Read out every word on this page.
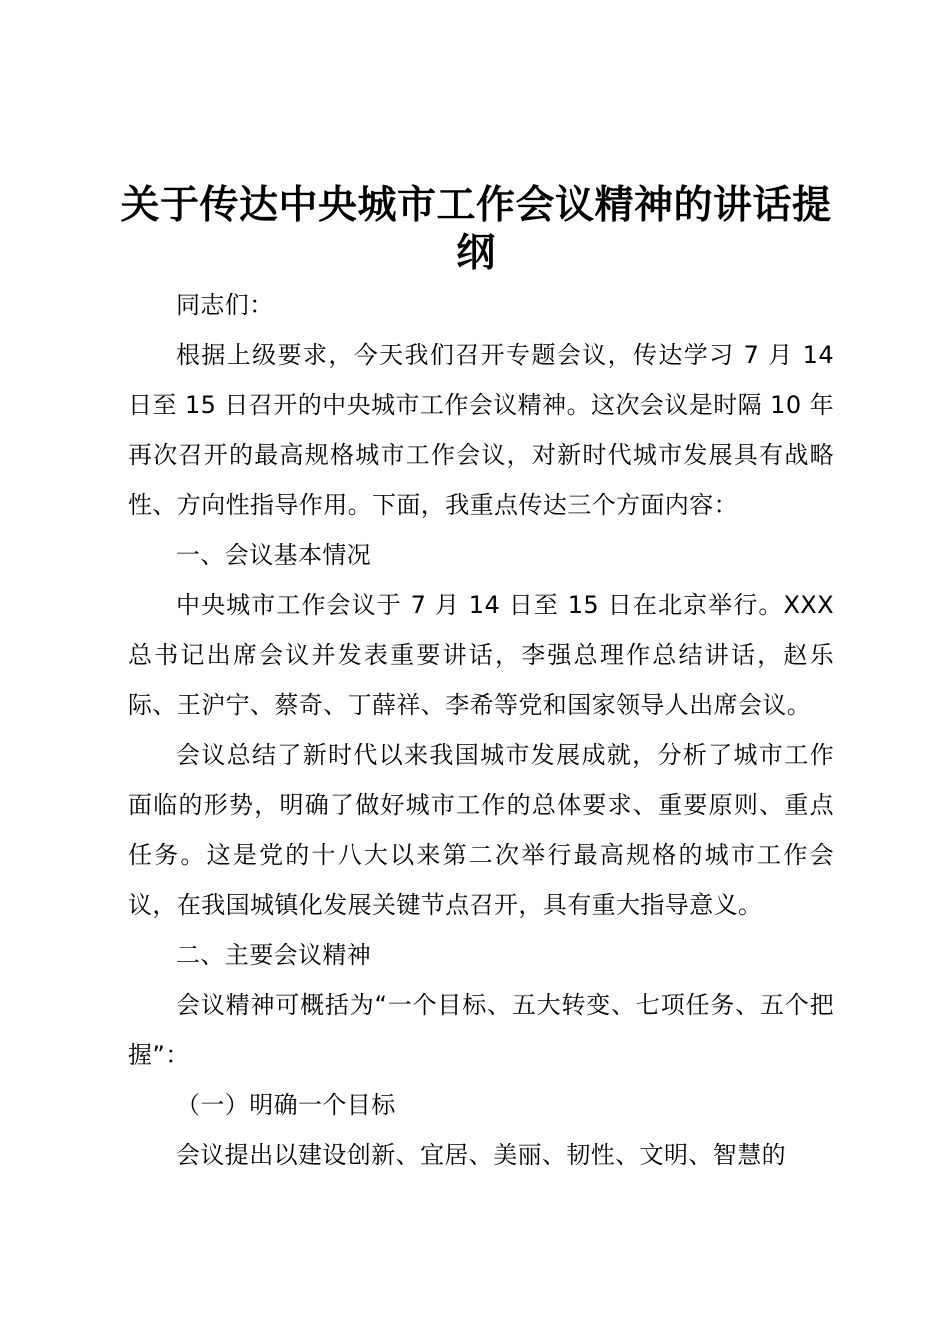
关于传达中央城市工作会议精神的讲话提纲

同志们：

根据上级要求，今天我们召开专题会议，传达学习 7 月 14 日至 15 日召开的中央城市工作会议精神。这次会议是时隔 10 年再次召开的最高规格城市工作会议，对新时代城市发展具有战略性、方向性指导作用。下面，我重点传达三个方面内容：

一、会议基本情况

中央城市工作会议于 7 月 14 日至 15 日在北京举行。XXX 总书记出席会议并发表重要讲话，李强总理作总结讲话，赵乐际、王沪宁、蔡奇、丁薛祥、李希等党和国家领导人出席会议。

会议总结了新时代以来我国城市发展成就，分析了城市工作面临的形势，明确了做好城市工作的总体要求、重要原则、重点任务。这是党的十八大以来第二次举行最高规格的城市工作会议，在我国城镇化发展关键节点召开，具有重大指导意义。

二、主要会议精神

会议精神可概括为“一个目标、五大转变、七项任务、五个把握”：

（一）明确一个目标

会议提出以建设创新、宜居、美丽、韧性、文明、智慧的
